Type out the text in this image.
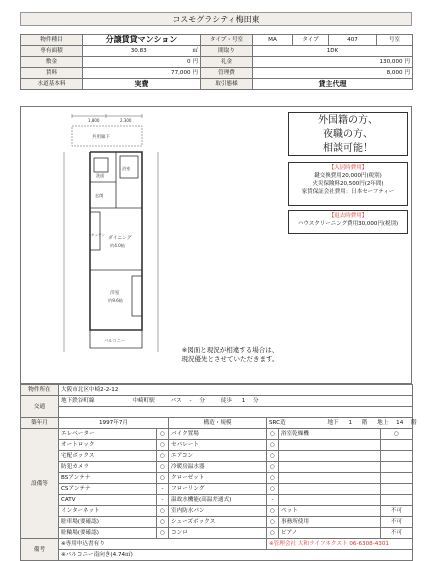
コスモグラシティ梅田東
物件種目	分譲賃貸マンション	タイプ・号室	MA	タイプ	407	号室
専有面積	30.83 ㎡	間取り	1DK			
敷金	0 円	礼金	130,000 円			
賃料	77,000 円	管理費	8,000 円			
水道基本料	実費	取引態様	貸主代理			
1,800	2,300
共用廊下
玄関
洗面
浴室
キッチン
ダイニング
約4.0帖
洋室
約9.6帖
バルコニー
外国籍の方、
夜職の方、
相談可能！
【入居時費用】
鍵交換費用20,000円(税別)
火災保険料20,500円(2年間)
家賃保証会社費用：日本セーフティー
【退去時費用】
ハウスクリーニング費用30,000円(税別)
※図面と現況が相違する場合は、
現況優先とさせていただきます。
物件所在	大阪市北区中崎2-2-12					
交通	地下鉄谷町線 中崎町駅 バス - 分 徒歩 1 分					

築年月	1997年7月		構造・規模	SRC造 地下 1 階 地上 14 階		
設備等	エレベーター	○	バイク置場	○	浴室乾燥機	○
	オートロック	○	セパレート	○		
	宅配ボックス	○	エアコン	○		
	防犯カメラ	○	冷暖房温水器	○		
	BSアンテナ	○	クローゼット	○		
	CSアンテナ	-	フローリング	○		
	CATV	-	温故水機能(高温差通式)	-		
	インターネット	○	室内防水パン	○	ペット	不可
	駐車場(要確認)	○	シューズボックス	○	事務所使用	不可
	駐輪場(要確認)	○	コンロ	○	ピアノ	不可
備考	※専用申込書有り			※管理会社 大和ライフネクスト 06-6308-4301		
	※バルコニー南向き(4.74㎡)					
